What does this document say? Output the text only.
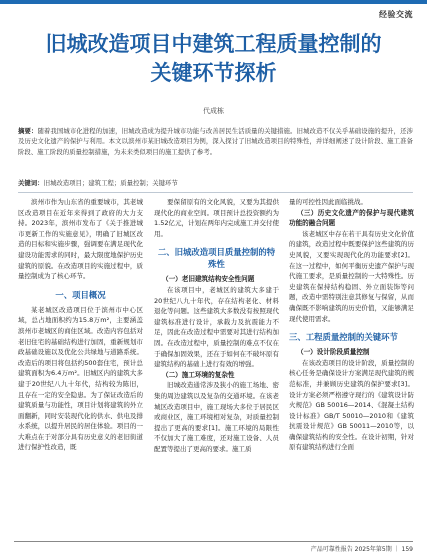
经验交流
旧城改造项目中建筑工程质量控制的
关键环节探析
代成栋
摘要：随着我国城市化进程的加速，旧城改造成为提升城市功能与改善居民生活质量的关键措施。旧城改造不仅关乎基础设施的提升，还涉及历史文化遗产的保护与利用。本文以滨州市某旧城改造项目为例，深入探讨了旧城改造项目的特殊性，并详细阐述了设计阶段、施工准备阶段、施工阶段的质量控制措施，为未来类似项目的施工提供了参考。
关键词：旧城改造项目；建筑工程；质量控制；关键环节

滨州市作为山东省的重要城市，其老城区改造项目在近年来得到了政府的大力支持。2023年，滨州市发布了《关于推进城市更新工作的实施意见》，明确了旧城区改造的目标和实施步骤，强调要在满足现代化建设功能需求的同时，最大限度地保护历史建筑的原貌。在改造项目的实施过程中，质量控制成为了核心环节。

一、项目概况

某老城区改造项目位于滨州市中心区域，总占地面积约为15.8万m²，主要涵盖滨州市老城区的商住区域。改造内容包括对老旧住宅的基础结构进行加固，重新规划市政基础设施以及优化公共绿地与道路系统。改造后的项目将包括约500套住宅，预计总建筑面积为6.4万m²。旧城区内的建筑大多建于20世纪八九十年代，结构较为陈旧，且存在一定的安全隐患。为了保证改造后的建筑质量与功能性，项目计划将建筑的外立面翻新，同时安装现代化的供水、供电及排水系统，以提升居民的居住体验。项目的一大难点在于对部分具有历史意义的老旧街道进行保护性改造，既

要保留原有的文化风貌，又要为其提供现代化的商业空间。项目预计总投资额约为1.52亿元，计划在两年内完成施工并交付使用。

二、旧城改造项目质量控制的特殊性
（一）老旧建筑结构安全性问题

在该项目中，老城区的建筑大多建于20世纪八九十年代，存在结构老化、材料退化等问题。这些建筑大多数没有按照现代建筑标准进行设计，承载力及抗震能力不足，因此在改造过程中需要对其进行结构加固。在改造过程中，质量控制的难点不仅在于确保加固效果，还在于如何在不破坏原有建筑结构的基础上进行有效的增强。

（二）施工环境的复杂性

旧城改造通常涉及狭小的施工场地、密集的周边建筑以及复杂的交通环境。在该老城区改造项目中，施工现场大多位于居民区或商业区，施工环境相对复杂，对质量控制提出了更高的要求[1]。施工环境的局限性不仅加大了施工难度，还对施工设备、人员配置等提出了更高的要求。施工质

量的可控性因此面临挑战。

（三）历史文化遗产的保护与现代建筑功能的融合问题

该老城区中存在若干具有历史文化价值的建筑，改造过程中既要保护这些建筑的历史风貌，又要实现现代化的功能要求[2]。在这一过程中，如何平衡历史遗产保护与现代施工要求，是质量控制的一大特殊性。历史建筑在保持结构稳固、外立面装饰等问题，改造中需特别注意其修复与保留，从而确保既不影响建筑的历史价值，又能够满足现代使用需求。

三、工程质量控制的关键环节
（一）设计阶段质量控制

在该改造项目的设计阶段，质量控制的核心任务是确保设计方案满足现代建筑的规范标准，并兼顾历史建筑的保护要求[3]。设计方案必须严格遵守现行的《建筑设计防火规范》GB 50016—2014、《混凝土结构设计标准》GB/T 50010—2010和《建筑抗震设计规范》GB 50011—2010等，以确保建筑结构的安全性。在设计初期，针对原有建筑结构进行全面

产品可靠性报告 2025年第5期 ｜ 159
